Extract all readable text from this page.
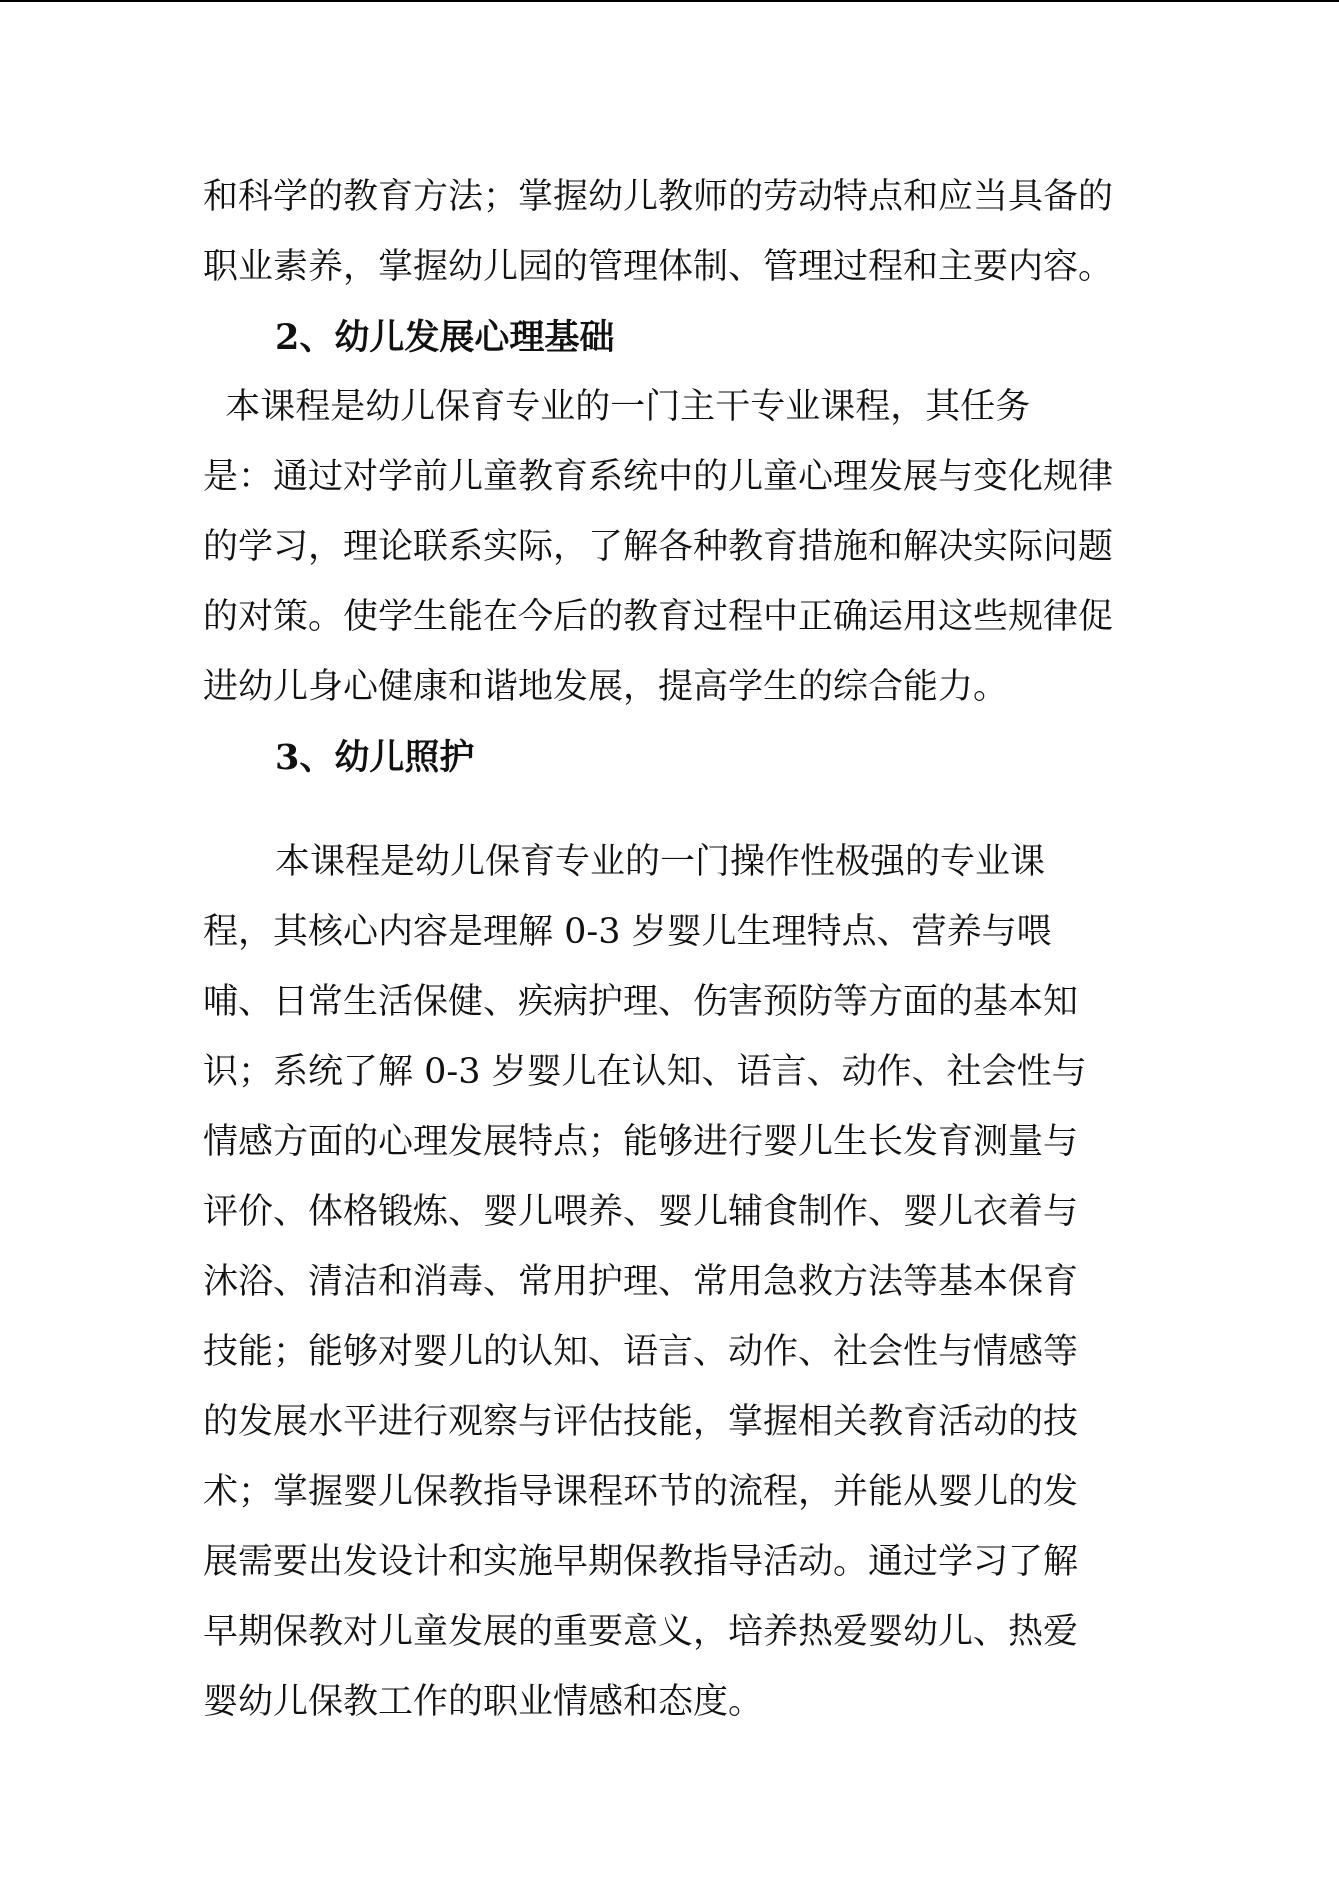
和科学的教育方法；掌握幼儿教师的劳动特点和应当具备的
职业素养，掌握幼儿园的管理体制、管理过程和主要内容。
2、幼儿发展心理基础
本课程是幼儿保育专业的一门主干专业课程，其任务
是：通过对学前儿童教育系统中的儿童心理发展与变化规律
的学习，理论联系实际，了解各种教育措施和解决实际问题
的对策。使学生能在今后的教育过程中正确运用这些规律促
进幼儿身心健康和谐地发展，提高学生的综合能力。
3、幼儿照护
本课程是幼儿保育专业的一门操作性极强的专业课
程，其核心内容是理解 0-3 岁婴儿生理特点、营养与喂
哺、日常生活保健、疾病护理、伤害预防等方面的基本知
识；系统了解 0-3 岁婴儿在认知、语言、动作、社会性与
情感方面的心理发展特点；能够进行婴儿生长发育测量与
评价、体格锻炼、婴儿喂养、婴儿辅食制作、婴儿衣着与
沐浴、清洁和消毒、常用护理、常用急救方法等基本保育
技能；能够对婴儿的认知、语言、动作、社会性与情感等
的发展水平进行观察与评估技能，掌握相关教育活动的技
术；掌握婴儿保教指导课程环节的流程，并能从婴儿的发
展需要出发设计和实施早期保教指导活动。通过学习了解
早期保教对儿童发展的重要意义，培养热爱婴幼儿、热爱
婴幼儿保教工作的职业情感和态度。
